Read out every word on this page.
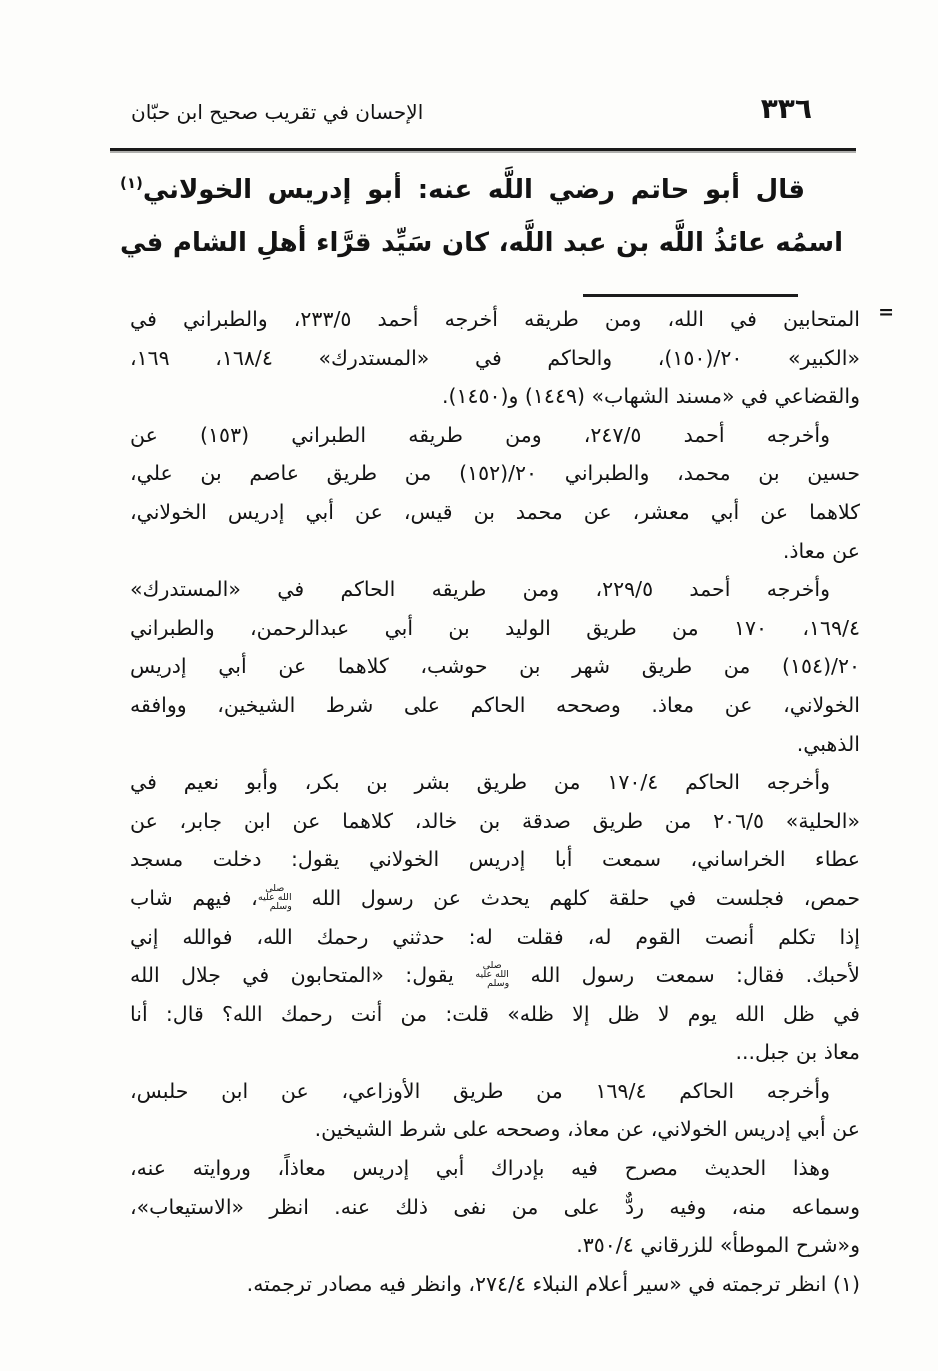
الإحسان في تقريب صحيح ابن حبّان	٣٣٦
قال أبو حاتم رضي اللَّه عنه: أبو إدريس الخولاني$^{(١)}$
اسمُه عائذُ اللَّه بن عبد اللَّه، كان سَيِّد قرَّاء أهلِ الشام في
=
المتحابين في الله، ومن طريقه أخرجه أحمد ٢٣٣/٥، والطبراني في
«الكبير» ٢٠/(١٥٠)، والحاكم في «المستدرك» ١٦٨/٤، ١٦٩،
والقضاعي في «مسند الشهاب» (١٤٤٩) و(١٤٥٠).
وأخرجه أحمد ٢٤٧/٥، ومن طريقه الطبراني (١٥٣) عن
حسين بن محمد، والطبراني ٢٠/(١٥٢) من طريق عاصم بن علي،
كلاهما عن أبي معشر، عن محمد بن قيس، عن أبي إدريس الخولاني،
عن معاذ.
وأخرجه أحمد ٢٢٩/٥، ومن طريقه الحاكم في «المستدرك»
١٦٩/٤، ١٧٠ من طريق الوليد بن أبي عبدالرحمن، والطبراني
٢٠/(١٥٤) من طريق شهر بن حوشب، كلاهما عن أبي إدريس
الخولاني، عن معاذ. وصححه الحاكم على شرط الشيخين، ووافقه
الذهبي.
وأخرجه الحاكم ١٧٠/٤ من طريق بشر بن بكر، وأبو نعيم في
«الحلية» ٢٠٦/٥ من طريق صدقة بن خالد، كلاهما عن ابن جابر، عن
عطاء الخراساني، سمعت أبا إدريس الخولاني يقول: دخلت مسجد
حمص، فجلست في حلقة كلهم يحدث عن رسول الله صلى الله عليه وسلم، فيهم شاب
إذا تكلم أنصت القوم له، فقلت له: حدثني رحمك الله، فوالله إني
لأحبك. فقال: سمعت رسول الله صلى الله عليه وسلم يقول: «المتحابون في جلال الله
في ظل الله يوم لا ظل إلا ظله» قلت: من أنت رحمك الله؟ قال: أنا
معاذ بن جبل...
وأخرجه الحاكم ١٦٩/٤ من طريق الأوزاعي، عن ابن حلبس،
عن أبي إدريس الخولاني، عن معاذ، وصححه على شرط الشيخين.
وهذا الحديث مصرح فيه بإدراك أبي إدريس معاذاً، وروايته عنه،
وسماعه منه، وفيه ردٌّ على من نفى ذلك عنه. انظر «الاستيعاب»،
و«شرح الموطأ» للزرقاني ٣٥٠/٤.
(١) انظر ترجمته في «سير أعلام النبلاء ٢٧٤/٤، وانظر فيه مصادر ترجمته.
